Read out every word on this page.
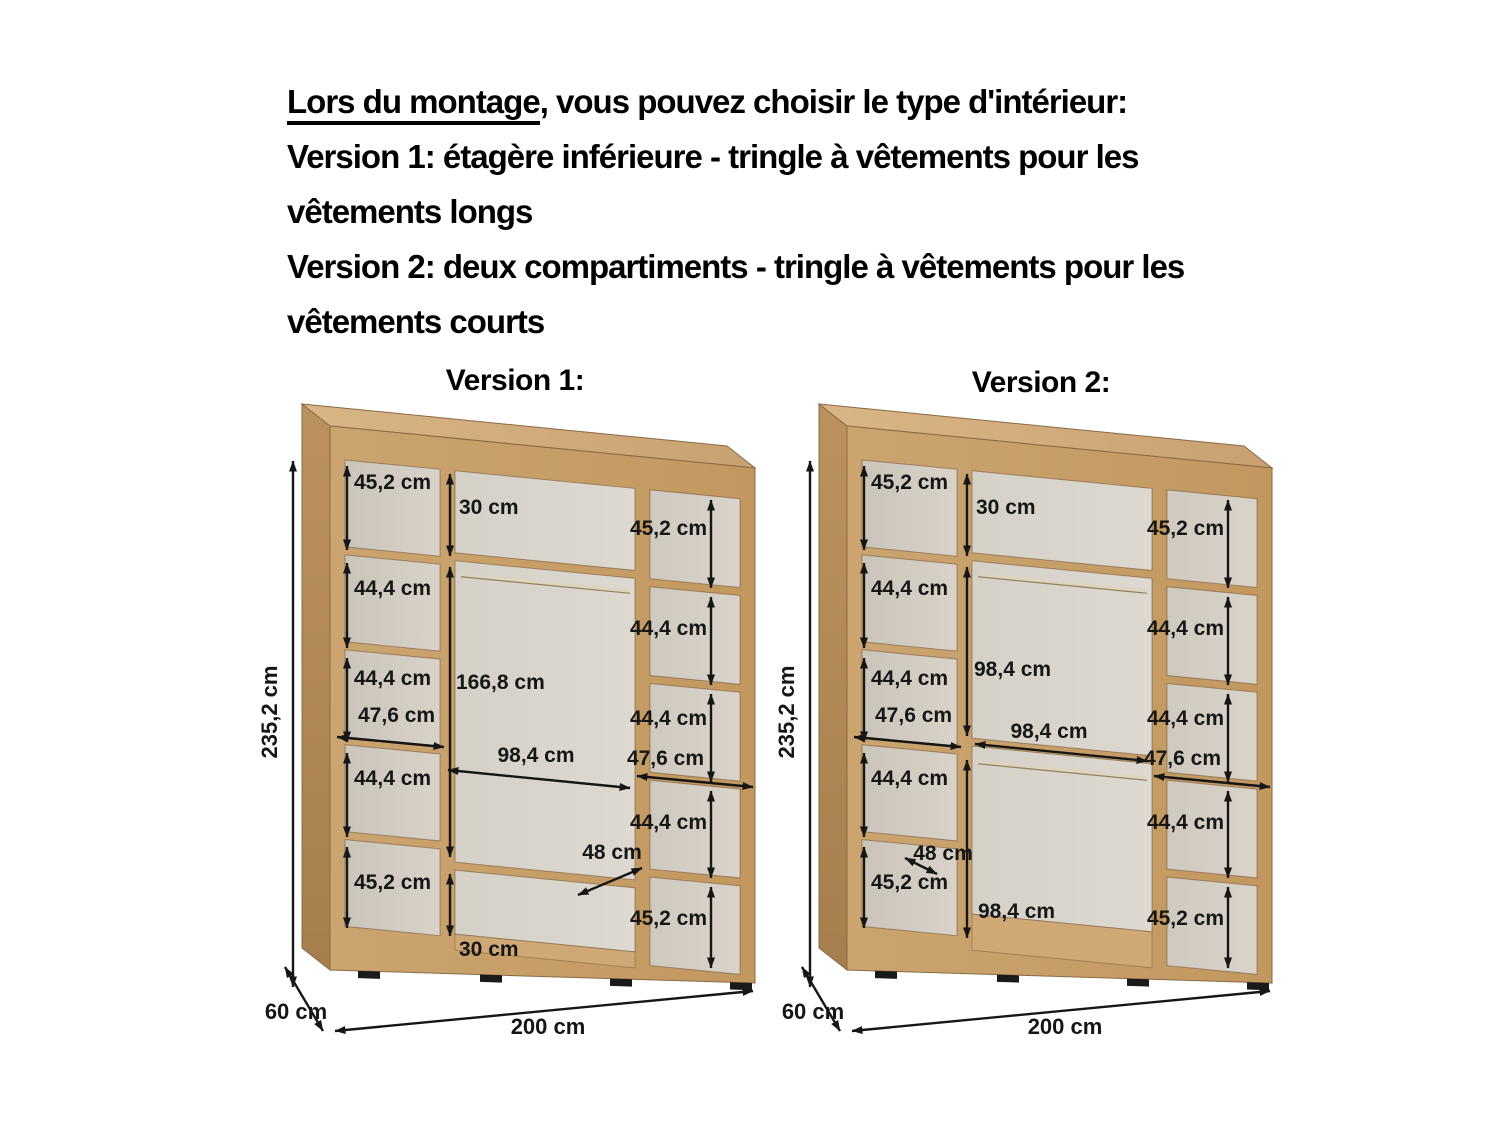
Lors du montage, vous pouvez choisir le type d'intérieur:

Version 1: étagère inférieure - tringle à vêtements pour les vêtements longs

Version 2: deux compartiments - tringle à vêtements pour les vêtements courts

Version 1:	Version 2:
45,2 cm
44,4 cm
44,4 cm
44,4 cm
45,2 cm
47,6 cm
45,2 cm
44,4 cm
44,4 cm
44,4 cm
45,2 cm
47,6 cm
235,2 cm
200 cm
60 cm
30 cm
166,8 cm
98,4 cm
48 cm
30 cm
45,2 cm
44,4 cm
44,4 cm
44,4 cm
45,2 cm
47,6 cm
45,2 cm
44,4 cm
44,4 cm
44,4 cm
45,2 cm
47,6 cm
235,2 cm
200 cm
60 cm
30 cm
98,4 cm
98,4 cm
48 cm
98,4 cm
